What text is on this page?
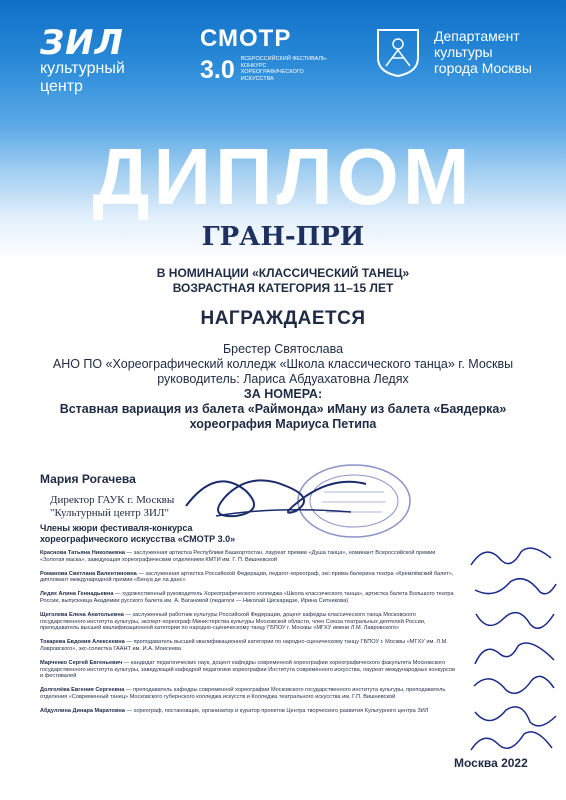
ЗИЛ
культурный
центр
СМОТР
3.0 ВСЕРОССИЙСКИЙ ФЕСТИВАЛЬ-КОНКУРС ХОРЕОГРАФИЧЕСКОГО ИСКУССТВА
Департамент
культуры
города Москвы
ДИПЛОМ
ГРАН-ПРИ
В НОМИНАЦИИ «КЛАССИЧЕСКИЙ ТАНЕЦ»
ВОЗРАСТНАЯ КАТЕГОРИЯ 11–15 ЛЕТ
НАГРАЖДАЕТСЯ
Брестер Святослава
АНО ПО «Хореографический колледж «Школа классического танца» г. Москвы
руководитель: Лариса Абдуахатовна Ледях
ЗА НОМЕРА:
Вставная вариация из балета «Раймонда» иМану из балета «Баядерка»
хореография Мариуса Петипа
Мария Рогачева
Директор ГАУК г. Москвы
"Культурный центр ЗИЛ"
Члены жюри фестиваля-конкурса
хореографического искусства «СМОТР 3.0»
Краснова Татьяна Николаевна — заслуженная артистка Республики Башкортостан, лауреат премии «Душа танца», номинант Всероссийской премии «Золотая маска», заведующая хореографическим отделением КМТИ им. Г. П. Вишневской
Романова Светлана Валентиновна — заслуженная артистка Российской Федерации, педагог-хореограф, экс-прима-балерина театра «Кремлёвский балет», дипломант международной премии «Бенуа де ла данс»
Ледях Алина Геннадьевна — художественный руководитель Хореографического колледжа «Школа классического танца», артистка балета Большого театра России, выпускница Академии русского балета им. А. Вагановой (педагоги — Николай Цискаридзе, Ирина Ситникова)
Щеголева Елена Анатольевна — заслуженный работник культуры Российской Федерации, доцент кафедры классического танца Московского государственного института культуры, эксперт-хореограф Министерства культуры Московской области, член Союза театральных деятелей России, преподаватель высшей квалификационной категории по народно-сценическому танцу ГБПОУ г. Москвы «МГХУ имени Л.М. Лавровского»
Токарева Евдокия Алексеевна — преподаватель высшей квалификационной категории по народно-сценическому танцу ГБПОУ г. Москвы «МГХУ им. Л.М. Лавровского», экс-солистка ГААНТ им. И.А. Моисеева
Марченко Сергей Евгеньевич — кандидат педагогических наук, доцент кафедры современной хореографии хореографического факультета Московского государственного института культуры, заведующий кафедрой педагогики хореографии Института современного искусства, лауреат международных конкурсов и фестивалей
Долголёва Евгения Сергеевна — преподаватель кафедры современной хореографии Московского государственного института культуры, преподаватель отделения «Современный танец» Московского губернского колледжа искусств и Колледжа театрального искусства им. Г.П. Вишневской
Абдуллина Динара Маратовна — хореограф, постановщик, организатор и куратор проектов Центра творческого развития Культурного центра ЗИЛ
Москва 2022
